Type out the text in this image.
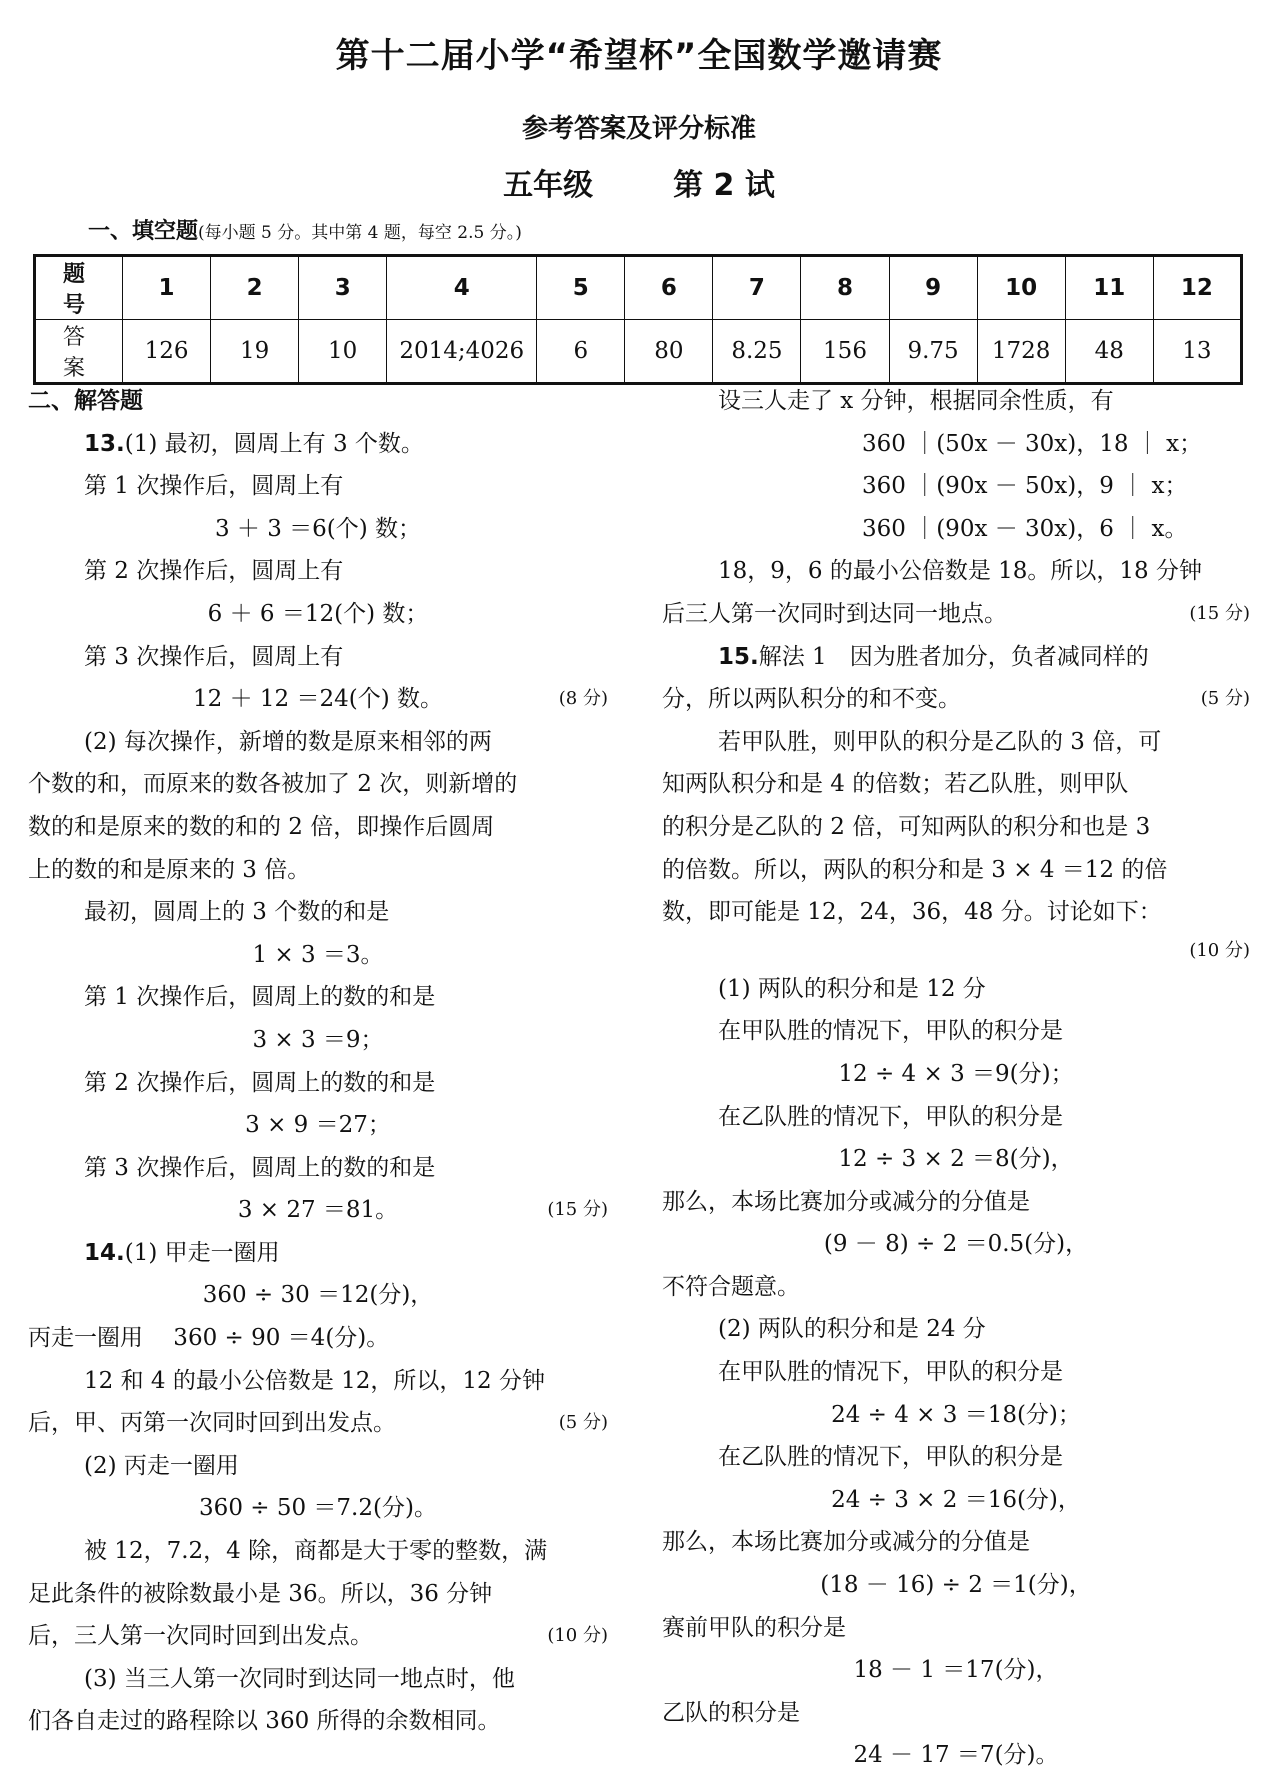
第十二届小学“希望杯”全国数学邀请赛
参考答案及评分标准
五年级	第 2 试
一、填空题(每小题 5 分。其中第 4 题，每空 2.5 分。)
题　号	1	2	3	4	5	6	7	8	9	10	11	12
答　案	126	19	10	2014;4026	6	80	8.25	156	9.75	1728	48	13
二、解答题
13.(1) 最初，圆周上有 3 个数。
第 1 次操作后，圆周上有
3 ＋ 3 ＝6(个) 数；
第 2 次操作后，圆周上有
6 ＋ 6 ＝12(个) 数；
第 3 次操作后，圆周上有
12 ＋ 12 ＝24(个) 数。	(8 分)
(2) 每次操作，新增的数是原来相邻的两
个数的和，而原来的数各被加了 2 次，则新增的
数的和是原来的数的和的 2 倍，即操作后圆周
上的数的和是原来的 3 倍。
最初，圆周上的 3 个数的和是
1 × 3 ＝3。
第 1 次操作后，圆周上的数的和是
3 × 3 ＝9；
第 2 次操作后，圆周上的数的和是
3 × 9 ＝27；
第 3 次操作后，圆周上的数的和是
3 × 27 ＝81。	(15 分)
14.(1) 甲走一圈用
360 ÷ 30 ＝12(分)，
丙走一圈用　 360 ÷ 90 ＝4(分)。
12 和 4 的最小公倍数是 12，所以，12 分钟
后，甲、丙第一次同时回到出发点。	(5 分)
(2) 丙走一圈用
360 ÷ 50 ＝7.2(分)。
被 12，7.2，4 除，商都是大于零的整数，满
足此条件的被除数最小是 36。所以，36 分钟
后，三人第一次同时回到出发点。	(10 分)
(3) 当三人第一次同时到达同一地点时，他
们各自走过的路程除以 360 所得的余数相同。
设三人走了 x 分钟，根据同余性质，有
360 ｜(50x － 30x)，18 ｜ x；
360 ｜(90x － 50x)，9 ｜ x；
360 ｜(90x － 30x)，6 ｜ x。
18，9，6 的最小公倍数是 18。所以，18 分钟
后三人第一次同时到达同一地点。	(15 分)
15.解法 1　因为胜者加分，负者减同样的
分，所以两队积分的和不变。	(5 分)
若甲队胜，则甲队的积分是乙队的 3 倍，可
知两队积分和是 4 的倍数；若乙队胜，则甲队
的积分是乙队的 2 倍，可知两队的积分和也是 3
的倍数。所以，两队的积分和是 3 × 4 ＝12 的倍
数，即可能是 12，24，36，48 分。讨论如下：
(10 分)
(1) 两队的积分和是 12 分
在甲队胜的情况下，甲队的积分是
12 ÷ 4 × 3 ＝9(分)；
在乙队胜的情况下，甲队的积分是
12 ÷ 3 × 2 ＝8(分)，
那么，本场比赛加分或减分的分值是
(9 － 8) ÷ 2 ＝0.5(分)，
不符合题意。
(2) 两队的积分和是 24 分
在甲队胜的情况下，甲队的积分是
24 ÷ 4 × 3 ＝18(分)；
在乙队胜的情况下，甲队的积分是
24 ÷ 3 × 2 ＝16(分)，
那么，本场比赛加分或减分的分值是
(18 － 16) ÷ 2 ＝1(分)，
赛前甲队的积分是
18 － 1 ＝17(分)，
乙队的积分是
24 － 17 ＝7(分)。
